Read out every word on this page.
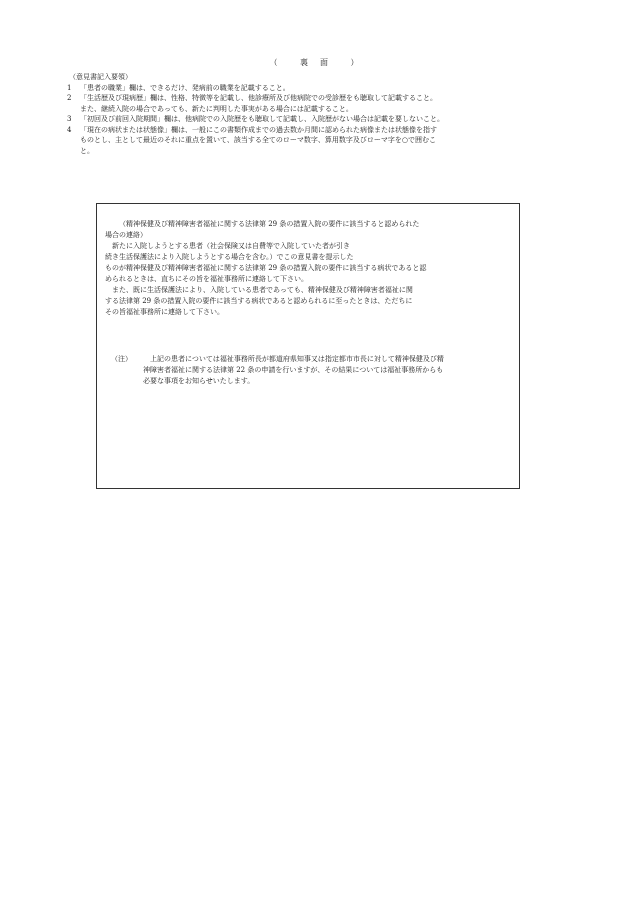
（	裏　面	）
（意見書記入要領）
1	「患者の職業」欄は、できるだけ、発病前の職業を記載すること。
2	「生活歴及び現病歴」欄は、性格、特徴等を記載し、他診療所及び他病院での受診歴をも聴取して記載すること。
また、継続入院の場合であっても、新たに判明した事実がある場合には記載すること。
3	「初回及び前回入院期間」欄は、他病院での入院歴をも聴取して記載し、入院歴がない場合は記載を要しないこと。
4	「現在の病状または状態像」欄は、一般にこの書類作成までの過去数か月間に認められた病像または状態像を指す
ものとし、主として最近のそれに重点を置いて、該当する全てのローマ数字、算用数字及びローマ字を○で囲むこ
と。
（精神保健及び精神障害者福祉に関する法律第 29 条の措置入院の要件に該当すると認められた
場合の連絡）
新たに入院しようとする患者（社会保険又は自費等で入院していた者が引き
続き生活保護法により入院しようとする場合を含む。）でこの意見書を提示した
ものが精神保健及び精神障害者福祉に関する法律第 29 条の措置入院の要件に該当する病状であると認
められるときは、直ちにその旨を福祉事務所に連絡して下さい。
また、既に生活保護法により、入院している患者であっても、精神保健及び精神障害者福祉に関
する法律第 29 条の措置入院の要件に該当する病状であると認められるに至ったときは、ただちに
その旨福祉事務所に連絡して下さい。
（注）	上記の患者については福祉事務所長が都道府県知事又は指定都市市長に対して精神保健及び精
神障害者福祉に関する法律第 22 条の申請を行いますが、その結果については福祉事務所からも
必要な事項をお知らせいたします。
